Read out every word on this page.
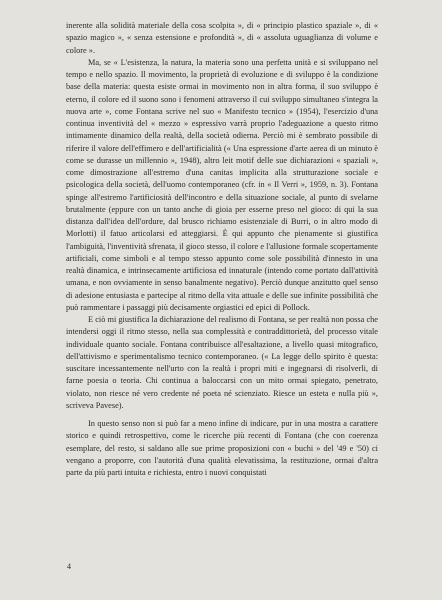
inerente alla solidità materiale della cosa scolpita », di « principio plastico spaziale », di « spazio magico », « senza estensione e profondità », di « assoluta uguaglianza di volume e colore ».

Ma, se « L'esistenza, la natura, la materia sono una perfetta unità e si sviluppano nel tempo e nello spazio. Il movimento, la proprietà di evoluzione e di sviluppo è la condizione base della materia: questa esiste ormai in movimento non in altra forma, il suo sviluppo è eterno, il colore ed il suono sono i fenomeni attraverso il cui sviluppo simultaneo s'integra la nuova arte », come Fontana scrive nel suo « Manifesto tecnico » (1954), l'esercizio d'una continua inventività del « mezzo » espressivo varrà proprio l'adeguazione a questo ritmo intimamente dinamico della realtà, della società odierna. Perciò mi è sembrato possibile di riferire il valore dell'effimero e dell'artificialità (« Una espressione d'arte aerea di un minuto è come se durasse un millennio », 1948), altro leit motif delle sue dichiarazioni « spaziali », come dimostrazione all'estremo d'una canitas implicita alla strutturazione sociale e psicologica della società, dell'uomo contemporaneo (cfr. in « Il Verri », 1959, n. 3). Fontana spinge all'estremo l'artificiosità dell'incontro e della situazione sociale, al punto di svelarne brutalmente (eppure con un tanto anche di gioia per esserne preso nel gioco: di qui la sua distanza dall'idea dell'ordure, dal brusco richiamo esistenziale di Burri, o in altro modo di Morlotti) il fatuo articolarsi ed atteggiarsi. È qui appunto che pienamente si giustifica l'ambiguità, l'inventività sfrenata, il gioco stesso, il colore e l'allusione formale scopertamente artificiali, come simboli e al tempo stesso appunto come sole possibilità d'innesto in una realtà dinamica, e intrinsecamente artificiosa ed innaturale (intendo come portato dall'attività umana, e non ovviamente in senso banalmente negativo). Perciò dunque anzitutto quel senso di adesione entusiasta e partecipe al ritmo della vita attuale e delle sue infinite possibilità che può rammentare i passaggi più decisamente orgiastici ed epici di Pollock.

E ciò mi giustifica la dichiarazione del realismo di Fontana, se per realtà non possa che intendersi oggi il ritmo stesso, nella sua complessità e contraddittorietà, del processo vitale individuale quanto sociale. Fontana contribuisce all'esaltazione, a livello quasi mitografico, dell'attivismo e sperimentalismo tecnico contemporaneo. (« La legge dello spirito è questa: suscitare incessantemente nell'urto con la realtà i propri miti e ingegnarsi di risolverli, di farne poesia o teoria. Chi continua a baloccarsi con un mito ormai spiegato, penetrato, violato, non riesce né vero credente né poeta né scienziato. Riesce un esteta e nulla più », scriveva Pavese).

In questo senso non si può far a meno infine di indicare, pur in una mostra a carattere storico e quindi retrospettivo, come le ricerche più recenti di Fontana (che con coerenza esemplare, del resto, si saldano alle sue prime proposizioni con « buchi » del '49 e '50) ci vengano a proporre, con l'autorità d'una qualità elevatissima, la restituzione, ormai d'altra parte da più parti intuita e richiesta, entro i nuovi conquistati

4
